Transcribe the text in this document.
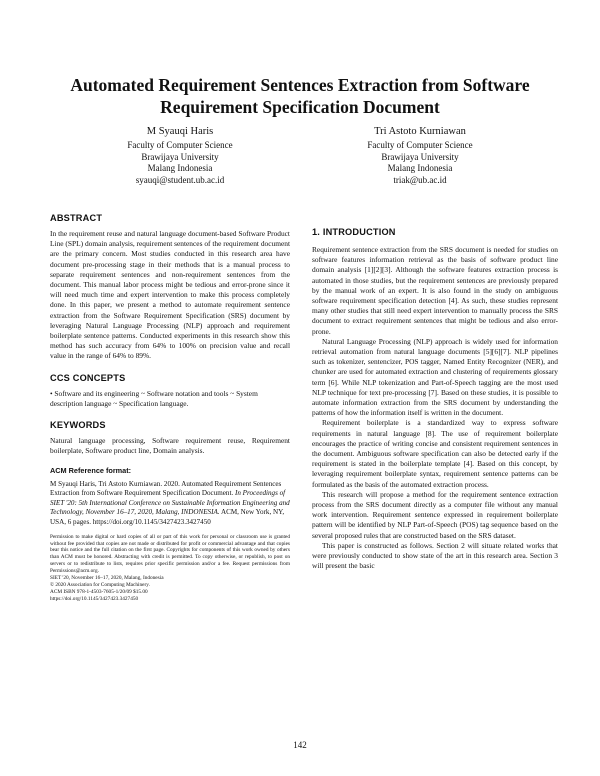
Automated Requirement Sentences Extraction from Software Requirement Specification Document
M Syauqi Haris
Faculty of Computer Science
Brawijaya University
Malang Indonesia
syauqi@student.ub.ac.id
Tri Astoto Kurniawan
Faculty of Computer Science
Brawijaya University
Malang Indonesia
triak@ub.ac.id
ABSTRACT

In the requirement reuse and natural language document-based Software Product Line (SPL) domain analysis, requirement sentences of the requirement document are the primary concern. Most studies conducted in this research area have document pre-processing stage in their methods that is a manual process to separate requirement sentences and non-requirement sentences from the document. This manual labor process might be tedious and error-prone since it will need much time and expert intervention to make this process completely done. In this paper, we present a method to automate requirement sentence extraction from the Software Requirement Specification (SRS) document by leveraging Natural Language Processing (NLP) approach and requirement boilerplate sentence patterns. Conducted experiments in this research show this method has such accuracy from 64% to 100% on precision value and recall value in the range of 64% to 89%.

CCS CONCEPTS

• Software and its engineering ~ Software notation and tools ~ System description language ~ Specification language.

KEYWORDS

Natural language processing, Software requirement reuse, Requirement boilerplate, Software product line, Domain analysis.

ACM Reference format:
M Syauqi Haris, Tri Astoto Kurniawan. 2020. Automated Requirement Sentences Extraction from Software Requirement Specification Document. In Proceedings of SIET '20: 5th International Conference on Sustainable Information Engineering and Technology, November 16–17, 2020, Malang, INDONESIA. ACM, New York, NY, USA, 6 pages. https://doi.org/10.1145/3427423.3427450

Permission to make digital or hard copies of all or part of this work for personal or classroom use is granted without fee provided that copies are not made or distributed for profit or commercial advantage and that copies bear this notice and the full citation on the first page. Copyrights for components of this work owned by others than ACM must be honored. Abstracting with credit is permitted. To copy otherwise, or republish, to post on servers or to redistribute to lists, requires prior specific permission and/or a fee. Request permissions from Permissions@acm.org.

SIET '20, November 16–17, 2020, Malang, Indonesia
© 2020 Association for Computing Machinery.
ACM ISBN 978-1-4503-7605-1/20/09 $15.00
https://doi.org/10.1145/3427423.3427450
1. INTRODUCTION

Requirement sentence extraction from the SRS document is needed for studies on software features information retrieval as the basis of software product line domain analysis [1][2][3]. Although the software features extraction process is automated in those studies, but the requirement sentences are previously prepared by the manual work of an expert. It is also found in the study on ambiguous software requirement specification detection [4]. As such, these studies represent many other studies that still need expert intervention to manually process the SRS document to extract requirement sentences that might be tedious and also error-prone.

Natural Language Processing (NLP) approach is widely used for information retrieval automation from natural language documents [5][6][7]. NLP pipelines such as tokenizer, sentencizer, POS tagger, Named Entity Recognizer (NER), and chunker are used for automated extraction and clustering of requirements glossary term [6]. While NLP tokenization and Part-of-Speech tagging are the most used NLP technique for text pre-processing [7]. Based on these studies, it is possible to automate information extraction from the SRS document by understanding the patterns of how the information itself is written in the document.

Requirement boilerplate is a standardized way to express software requirements in natural language [8]. The use of requirement boilerplate encourages the practice of writing concise and consistent requirement sentences in the document. Ambiguous software specification can also be detected early if the requirement is stated in the boilerplate template [4]. Based on this concept, by leveraging requirement boilerplate syntax, requirement sentence patterns can be formulated as the basis of the automated extraction process.

This research will propose a method for the requirement sentence extraction process from the SRS document directly as a computer file without any manual work intervention. Requirement sentence expressed in requirement boilerplate pattern will be identified by NLP Part-of-Speech (POS) tag sequence based on the several proposed rules that are constructed based on the SRS dataset.

This paper is constructed as follows. Section 2 will situate related works that were previously conducted to show state of the art in this research area. Section 3 will present the basic

142
